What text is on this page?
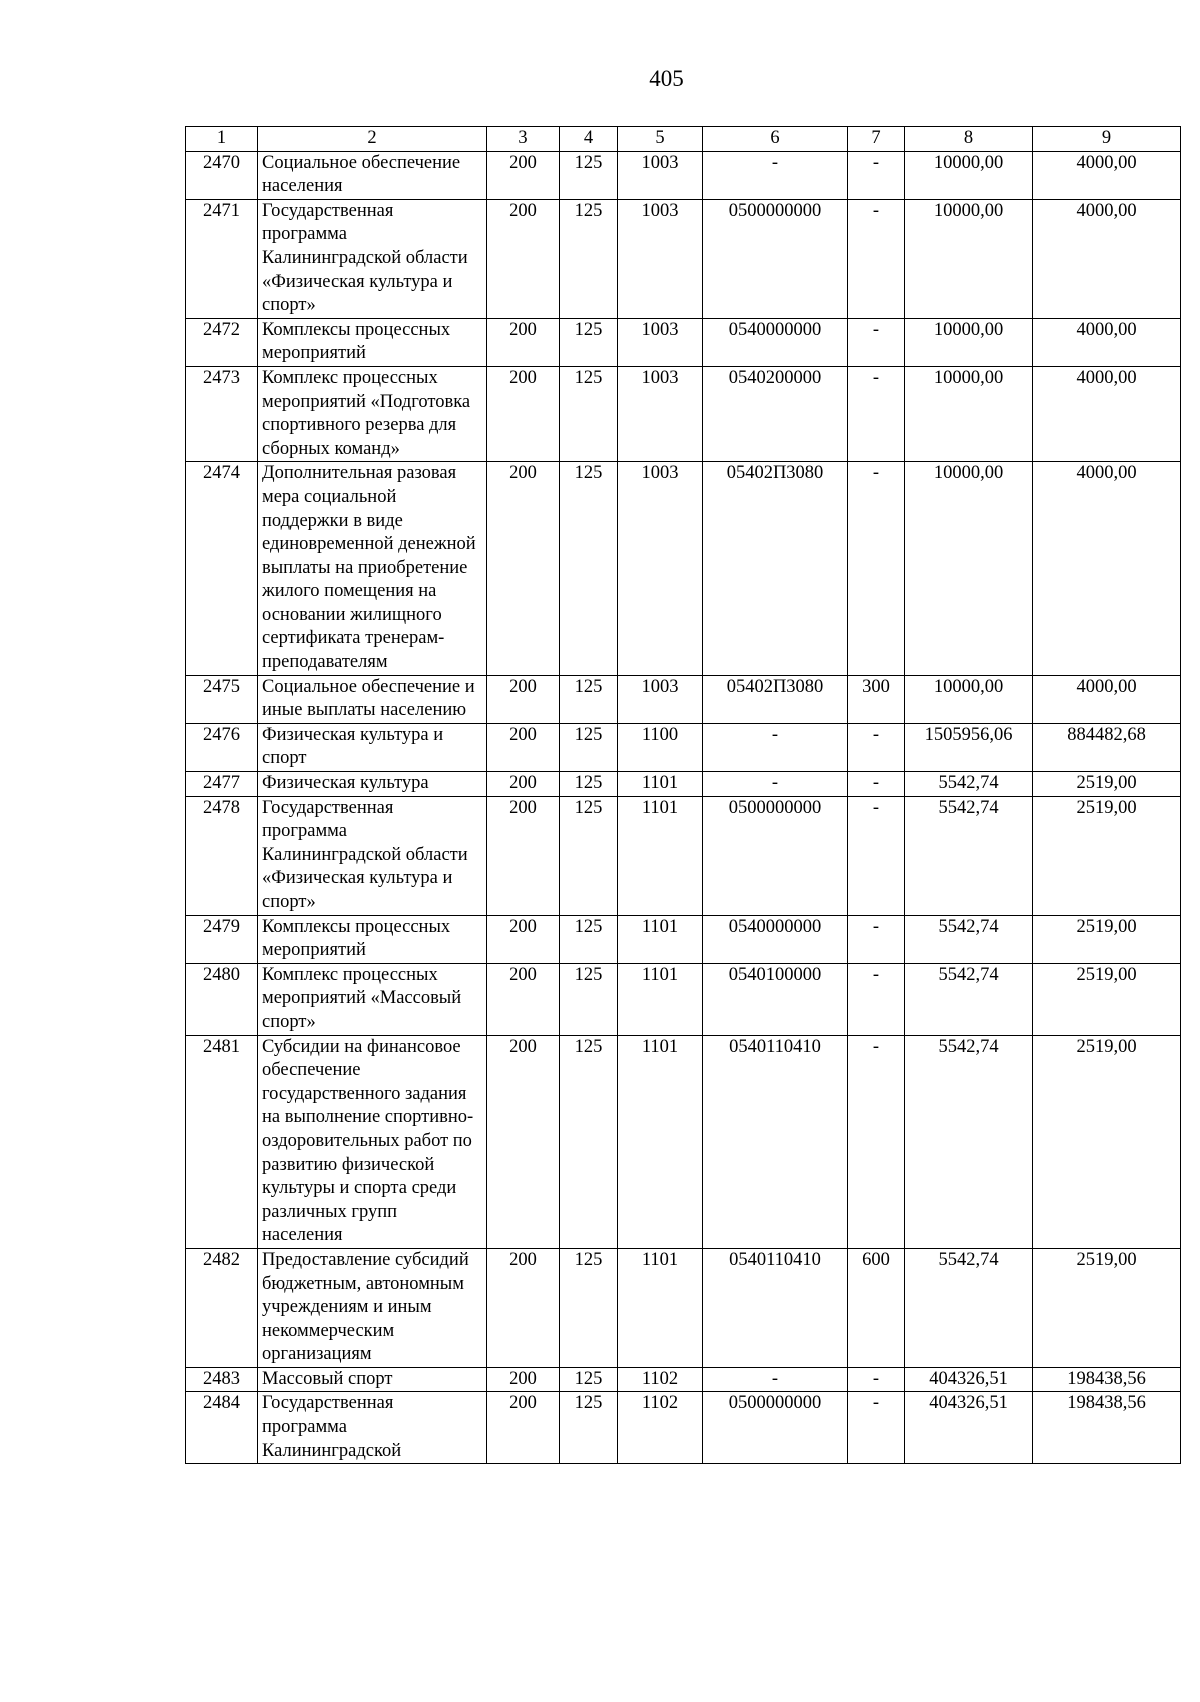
405
1	2	3	4	5	6	7	8	9
2470	Социальное обеспечение населения	200	125	1003	-	-	10000,00	4000,00
2471	Государственная программа Калининградской области «Физическая культура и спорт»	200	125	1003	0500000000	-	10000,00	4000,00
2472	Комплексы процессных мероприятий	200	125	1003	0540000000	-	10000,00	4000,00
2473	Комплекс процессных мероприятий «Подготовка спортивного резерва для сборных команд»	200	125	1003	0540200000	-	10000,00	4000,00
2474	Дополнительная разовая мера социальной поддержки в виде единовременной денежной выплаты на приобретение жилого помещения на основании жилищного сертификата тренерам-преподавателям	200	125	1003	05402П3080	-	10000,00	4000,00
2475	Социальное обеспечение и иные выплаты населению	200	125	1003	05402П3080	300	10000,00	4000,00
2476	Физическая культура и спорт	200	125	1100	-	-	1505956,06	884482,68
2477	Физическая культура	200	125	1101	-	-	5542,74	2519,00
2478	Государственная программа Калининградской области «Физическая культура и спорт»	200	125	1101	0500000000	-	5542,74	2519,00
2479	Комплексы процессных мероприятий	200	125	1101	0540000000	-	5542,74	2519,00
2480	Комплекс процессных мероприятий «Массовый спорт»	200	125	1101	0540100000	-	5542,74	2519,00
2481	Субсидии на финансовое обеспечение государственного задания на выполнение спортивно-оздоровительных работ по развитию физической культуры и спорта среди различных групп населения	200	125	1101	0540110410	-	5542,74	2519,00
2482	Предоставление субсидий бюджетным, автономным учреждениям и иным некоммерческим организациям	200	125	1101	0540110410	600	5542,74	2519,00
2483	Массовый спорт	200	125	1102	-	-	404326,51	198438,56
2484	Государственная программа Калининградской	200	125	1102	0500000000	-	404326,51	198438,56
